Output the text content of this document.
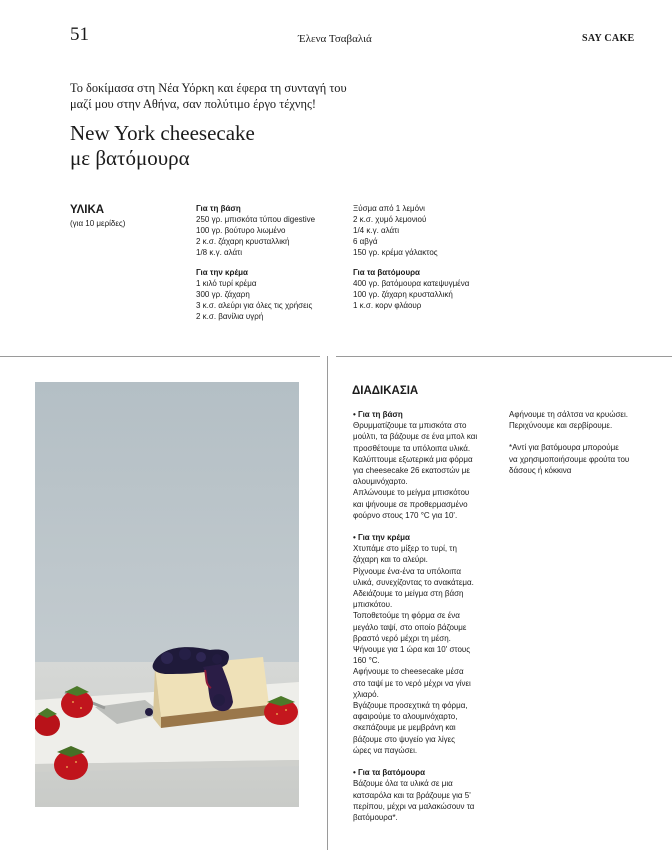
51	Έλενα Τσαβαλιά	SAY CAKE
Το δοκίμασα στη Νέα Υόρκη και έφερα τη συνταγή του
μαζί μου στην Αθήνα, σαν πολύτιμο έργο τέχνης!
New York cheesecake
με βατόμουρα
ΥΛΙΚΑ
(για 10 μερίδες)
Για τη βάση
250 γρ. μπισκότα τύπου digestive
100 γρ. βούτυρο λιωμένο
2 κ.σ. ζάχαρη κρυσταλλική
1/8 κ.γ. αλάτι
Για την κρέμα
1 κιλό τυρί κρέμα
300 γρ. ζάχαρη
3 κ.σ. αλεύρι για όλες τις χρήσεις
2 κ.σ. βανίλια υγρή
Ξύσμα από 1 λεμόνι
2 κ.σ. χυμό λεμονιού
1/4 κ.γ. αλάτι
6 αβγά
150 γρ. κρέμα γάλακτος
Για τα βατόμουρα
400 γρ. βατόμουρα κατεψυγμένα
100 γρ. ζάχαρη κρυσταλλική
1 κ.σ. κορν φλάουρ
ΔΙΑΔΙΚΑΣΙΑ
• Για τη βάση
Θρυμματίζουμε τα μπισκότα στο
μούλτι, τα βάζουμε σε ένα μπολ και
προσθέτουμε τα υπόλοιπα υλικά.
Καλύπτουμε εξωτερικά μια φόρμα
για cheesecake 26 εκατοστών με
αλουμινόχαρτο.
Απλώνουμε το μείγμα μπισκότου
και ψήνουμε σε προθερμασμένο
φούρνο στους 170 °C για 10'.
• Για την κρέμα
Χτυπάμε στο μίξερ το τυρί, τη
ζάχαρη και το αλεύρι.
Ρίχνουμε ένα-ένα τα υπόλοιπα
υλικά, συνεχίζοντας το ανακάτεμα.
Αδειάζουμε το μείγμα στη βάση
μπισκότου.
Τοποθετούμε τη φόρμα σε ένα
μεγάλο ταψί, στο οποίο βάζουμε
βραστό νερό μέχρι τη μέση.
Ψήνουμε για 1 ώρα και 10' στους
160 °C.
Αφήνουμε το cheesecake μέσα
στο ταψί με το νερό μέχρι να γίνει
χλιαρό.
Βγάζουμε προσεχτικά τη φόρμα,
αφαιρούμε το αλουμινόχαρτο,
σκεπάζουμε με μεμβράνη και
βάζουμε στο ψυγείο για λίγες
ώρες να παγώσει.
• Για τα βατόμουρα
Βάζουμε όλα τα υλικά σε μια
κατσαρόλα και τα βράζουμε για 5'
περίπου, μέχρι να μαλακώσουν τα
βατόμουρα*.
Αφήνουμε τη σάλτσα να κρυώσει.
Περιχύνουμε και σερβίρουμε.
*Αντί για βατόμουρα μπορούμε
να χρησιμοποιήσουμε φρούτα του
δάσους ή κόκκινα
